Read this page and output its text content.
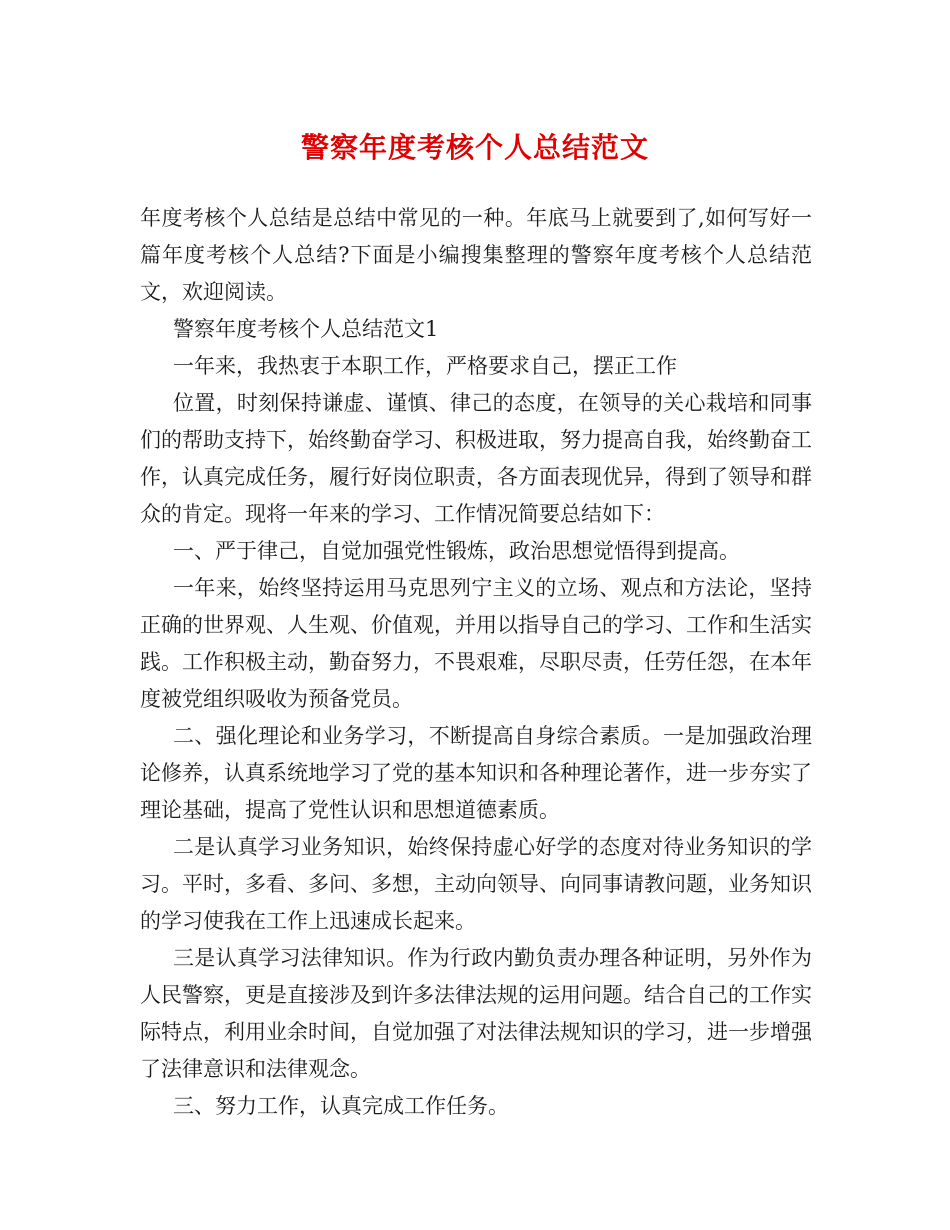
警察年度考核个人总结范文

年度考核个人总结是总结中常见的一种。年底马上就要到了,如何写好一篇年度考核个人总结?下面是小编搜集整理的警察年度考核个人总结范文，欢迎阅读。

警察年度考核个人总结范文1

一年来，我热衷于本职工作，严格要求自己，摆正工作

位置，时刻保持谦虚、谨慎、律己的态度，在领导的关心栽培和同事们的帮助支持下，始终勤奋学习、积极进取，努力提高自我，始终勤奋工作，认真完成任务，履行好岗位职责，各方面表现优异，得到了领导和群众的肯定。现将一年来的学习、工作情况简要总结如下：

一、严于律己，自觉加强党性锻炼，政治思想觉悟得到提高。

一年来，始终坚持运用马克思列宁主义的立场、观点和方法论，坚持正确的世界观、人生观、价值观，并用以指导自己的学习、工作和生活实践。工作积极主动，勤奋努力，不畏艰难，尽职尽责，任劳任怨，在本年度被党组织吸收为预备党员。

二、强化理论和业务学习，不断提高自身综合素质。一是加强政治理论修养，认真系统地学习了党的基本知识和各种理论著作，进一步夯实了理论基础，提高了党性认识和思想道德素质。

二是认真学习业务知识，始终保持虚心好学的态度对待业务知识的学习。平时，多看、多问、多想，主动向领导、向同事请教问题，业务知识的学习使我在工作上迅速成长起来。

三是认真学习法律知识。作为行政内勤负责办理各种证明，另外作为人民警察，更是直接涉及到许多法律法规的运用问题。结合自己的工作实际特点，利用业余时间，自觉加强了对法律法规知识的学习，进一步增强了法律意识和法律观念。

三、努力工作，认真完成工作任务。
